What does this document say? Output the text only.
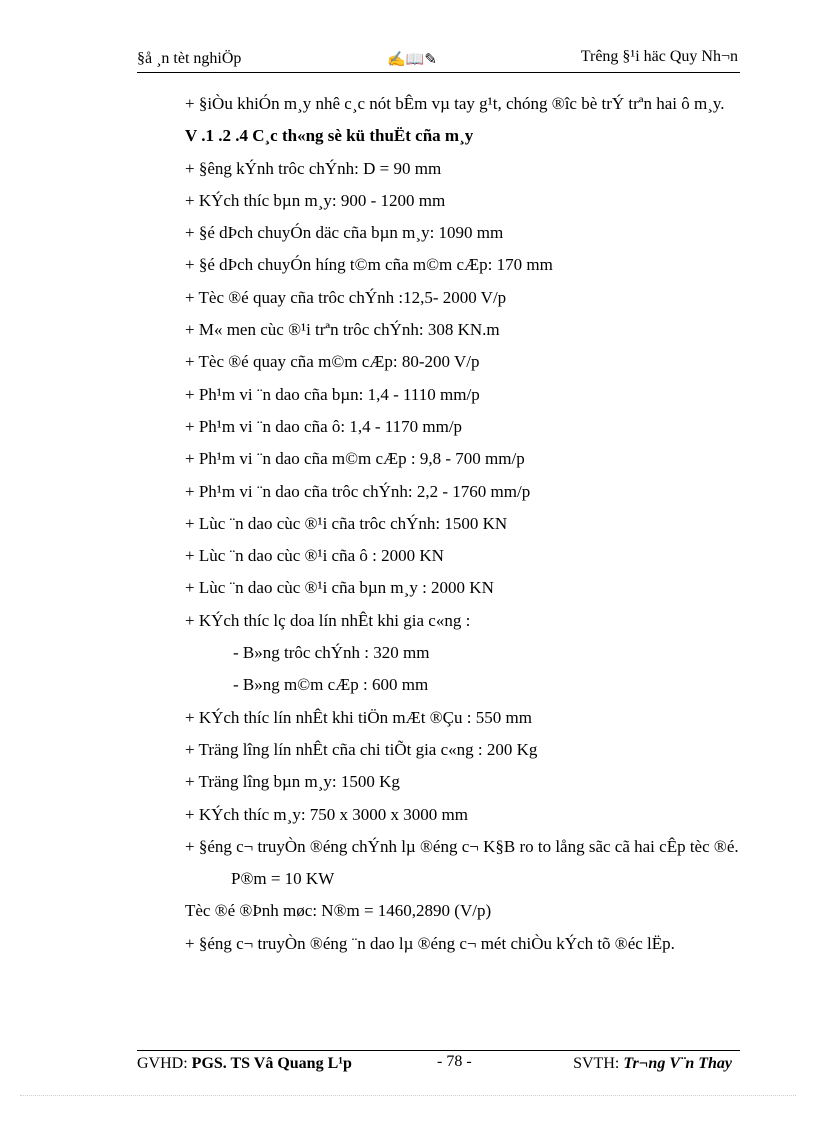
§å ¸n tèt nghiÖp	✍📖✎	Trêng §¹i häc Quy Nh¬n
+ §iÒu khiÓn m¸y nhê c¸c nót bÊm vµ tay g¹t, chóng ®îc bè trÝ trªn hai ô m¸y.
V .1 .2 .4 C¸c th«ng sè kü thuËt cña m¸y
+ §êng kÝnh trôc chÝnh: D = 90 mm
+ KÝch thíc bµn m¸y: 900 - 1200 mm
+ §é dÞch chuyÓn däc cña bµn m¸y: 1090 mm
+ §é dÞch chuyÓn híng t©m cña m©m cÆp: 170 mm
+ Tèc ®é quay cña trôc chÝnh :12,5- 2000 V/p
+ M« men cùc ®¹i trªn trôc chÝnh: 308 KN.m
+ Tèc ®é quay cña m©m cÆp: 80-200 V/p
+ Ph¹m vi ¨n dao cña bµn: 1,4 - 1110 mm/p
+ Ph¹m vi ¨n dao cña ô: 1,4 - 1170 mm/p
+ Ph¹m vi ¨n dao cña m©m cÆp : 9,8 - 700 mm/p
+ Ph¹m vi ¨n dao cña trôc chÝnh: 2,2 - 1760 mm/p
+ Lùc ¨n dao cùc ®¹i cña trôc chÝnh: 1500 KN
+ Lùc ¨n dao cùc ®¹i cña ô : 2000 KN
+ Lùc ¨n dao cùc ®¹i cña bµn m¸y : 2000 KN
+ KÝch thíc lç doa lín nhÊt khi gia c«ng :
- B»ng trôc chÝnh : 320 mm
- B»ng m©m cÆp : 600 mm
+ KÝch thíc lín nhÊt khi tiÖn mÆt ®Çu : 550 mm
+ Träng lîng lín nhÊt cña chi tiÕt gia c«ng : 200 Kg
+ Träng lîng bµn m¸y: 1500 Kg
+ KÝch thíc m¸y: 750 x 3000 x 3000 mm
+ §éng c¬ truyÒn ®éng chÝnh lµ ®éng c¬ K§B ro to lång sãc cã hai cÊp tèc ®é.
P®m = 10 KW
Tèc ®é ®Þnh møc: N®m = 1460,2890 (V/p)
+ §éng c¬ truyÒn ®éng ¨n dao lµ ®éng c¬ mét chiÒu kÝch tõ ®éc lËp.
GVHD: PGS. TS Vâ Quang L¹p	- 78 -	SVTH: Tr¬ng V¨n Thay
